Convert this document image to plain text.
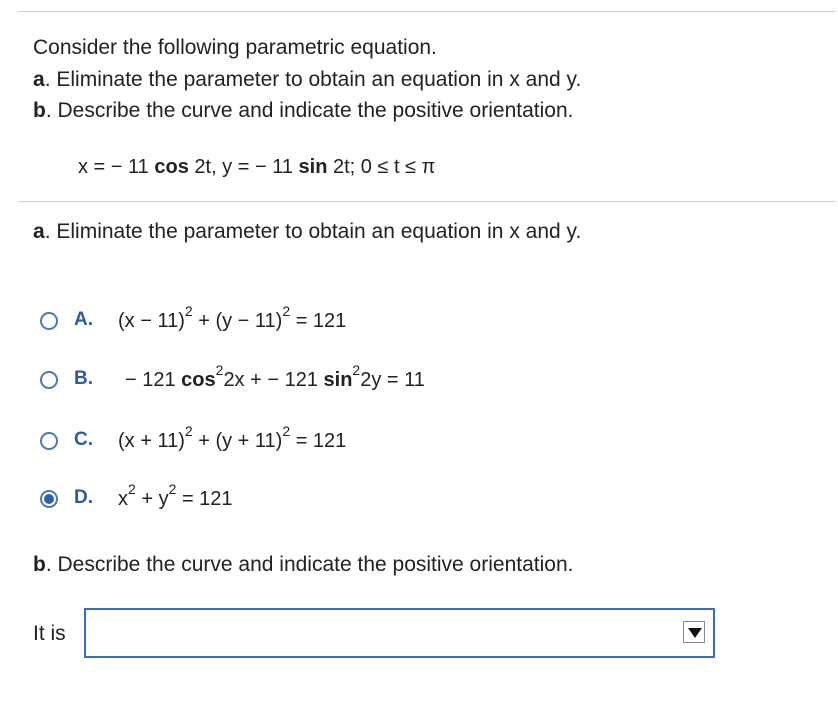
Consider the following parametric equation.
a. Eliminate the parameter to obtain an equation in x and y.
b. Describe the curve and indicate the positive orientation.
x = − 11 cos 2t, y = − 11 sin 2t; 0 ≤ t ≤ π
a. Eliminate the parameter to obtain an equation in x and y.
A. $(x - 11)^2 + (y - 11)^2 = 121$
B. − 121 $\cos^22x$ + − 121 $\sin^22y = 11$
C. $(x + 11)^2 + (y + 11)^2 = 121$
D. $x^2 + y^2 = 121$
b. Describe the curve and indicate the positive orientation.
It is
